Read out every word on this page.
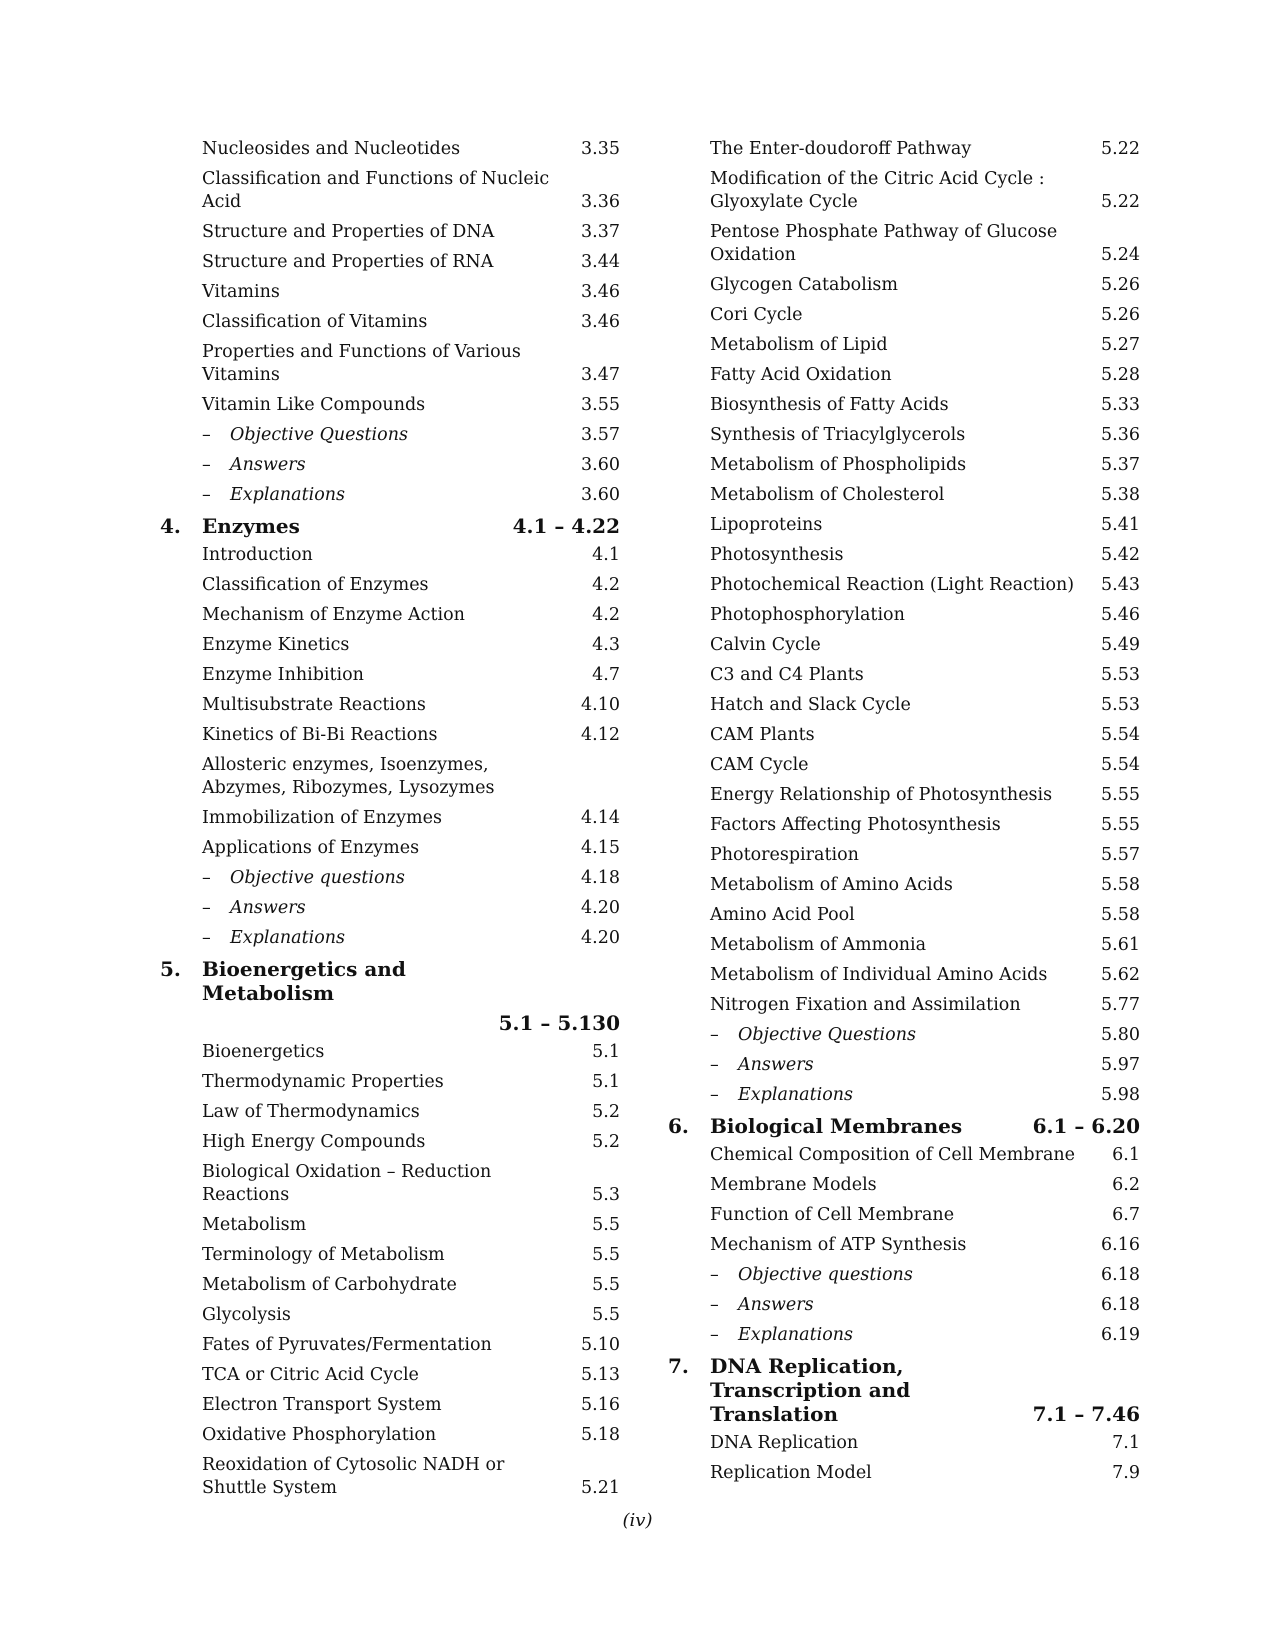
Nucleosides and Nucleotides	3.35
Classification and Functions of Nucleic Acid	3.36
Structure and Properties of DNA	3.37
Structure and Properties of RNA	3.44
Vitamins	3.46
Classification of Vitamins	3.46
Properties and Functions of Various Vitamins	3.47
Vitamin Like Compounds	3.55
– Objective Questions	3.57
– Answers	3.60
– Explanations	3.60
4. Enzymes	4.1 – 4.22
Introduction	4.1
Classification of Enzymes	4.2
Mechanism of Enzyme Action	4.2
Enzyme Kinetics	4.3
Enzyme Inhibition	4.7
Multisubstrate Reactions	4.10
Kinetics of Bi-Bi Reactions	4.12
Allosteric enzymes, Isoenzymes, Abzymes, Ribozymes, Lysozymes
Immobilization of Enzymes	4.14
Applications of Enzymes	4.15
– Objective questions	4.18
– Answers	4.20
– Explanations	4.20
5. Bioenergetics and Metabolism
5.1 – 5.130
Bioenergetics	5.1
Thermodynamic Properties	5.1
Law of Thermodynamics	5.2
High Energy Compounds	5.2
Biological Oxidation – Reduction Reactions	5.3
Metabolism	5.5
Terminology of Metabolism	5.5
Metabolism of Carbohydrate	5.5
Glycolysis	5.5
Fates of Pyruvates/Fermentation	5.10
TCA or Citric Acid Cycle	5.13
Electron Transport System	5.16
Oxidative Phosphorylation	5.18
Reoxidation of Cytosolic NADH or Shuttle System	5.21
The Enter-doudoroff Pathway	5.22
Modification of the Citric Acid Cycle : Glyoxylate Cycle	5.22
Pentose Phosphate Pathway of Glucose Oxidation	5.24
Glycogen Catabolism	5.26
Cori Cycle	5.26
Metabolism of Lipid	5.27
Fatty Acid Oxidation	5.28
Biosynthesis of Fatty Acids	5.33
Synthesis of Triacylglycerols	5.36
Metabolism of Phospholipids	5.37
Metabolism of Cholesterol	5.38
Lipoproteins	5.41
Photosynthesis	5.42
Photochemical Reaction (Light Reaction) 5.43
Photophosphorylation	5.46
Calvin Cycle	5.49
C3 and C4 Plants	5.53
Hatch and Slack Cycle	5.53
CAM Plants	5.54
CAM Cycle	5.54
Energy Relationship of Photosynthesis	5.55
Factors Affecting Photosynthesis	5.55
Photorespiration	5.57
Metabolism of Amino Acids	5.58
Amino Acid Pool	5.58
Metabolism of Ammonia	5.61
Metabolism of Individual Amino Acids	5.62
Nitrogen Fixation and Assimilation	5.77
– Objective Questions	5.80
– Answers	5.97
– Explanations	5.98
6. Biological Membranes	6.1 – 6.20
Chemical Composition of Cell Membrane 6.1
Membrane Models	6.2
Function of Cell Membrane	6.7
Mechanism of ATP Synthesis	6.16
– Objective questions	6.18
– Answers	6.18
– Explanations	6.19
7. DNA Replication, Transcription and Translation	7.1 – 7.46
DNA Replication	7.1
Replication Model	7.9
(iv)
